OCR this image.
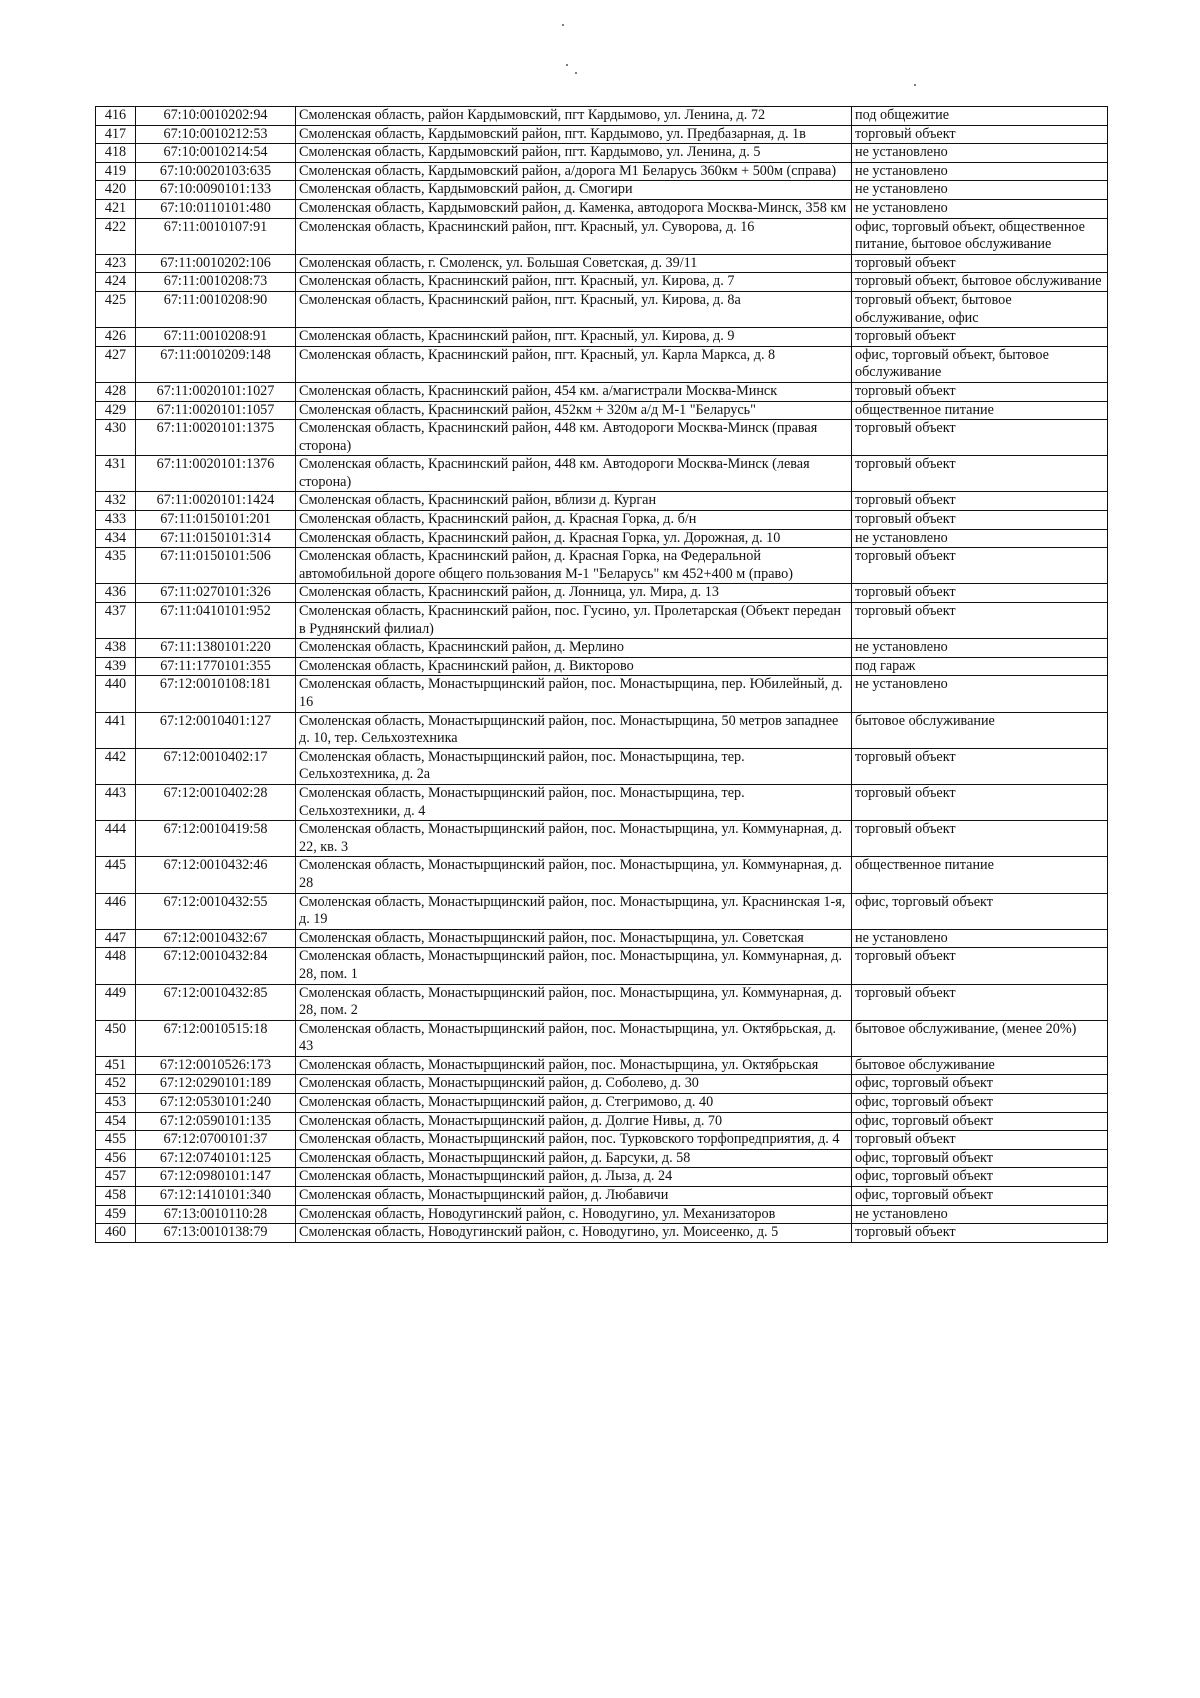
416	67:10:0010202:94	Смоленская область, район Кардымовский, пгт Кардымово, ул. Ленина, д. 72	под общежитие
417	67:10:0010212:53	Смоленская область, Кардымовский район, пгт. Кардымово, ул. Предбазарная, д. 1в	торговый объект
418	67:10:0010214:54	Смоленская область, Кардымовский район, пгт. Кардымово, ул. Ленина, д. 5	не установлено
419	67:10:0020103:635	Смоленская область, Кардымовский район, а/дорога М1 Беларусь 360км + 500м (справа)	не установлено
420	67:10:0090101:133	Смоленская область, Кардымовский район, д. Смогири	не установлено
421	67:10:0110101:480	Смоленская область, Кардымовский район, д. Каменка, автодорога Москва-Минск, 358 км	не установлено
422	67:11:0010107:91	Смоленская область, Краснинский район, пгт. Красный, ул. Суворова, д. 16	офис, торговый объект, общественное питание, бытовое обслуживание
423	67:11:0010202:106	Смоленская область, г. Смоленск, ул. Большая Советская, д. 39/11	торговый объект
424	67:11:0010208:73	Смоленская область, Краснинский район, пгт. Красный, ул. Кирова, д. 7	торговый объект, бытовое обслуживание
425	67:11:0010208:90	Смоленская область, Краснинский район, пгт. Красный, ул. Кирова, д. 8а	торговый объект, бытовое обслуживание, офис
426	67:11:0010208:91	Смоленская область, Краснинский район, пгт. Красный, ул. Кирова, д. 9	торговый объект
427	67:11:0010209:148	Смоленская область, Краснинский район, пгт. Красный, ул. Карла Маркса, д. 8	офис, торговый объект, бытовое обслуживание
428	67:11:0020101:1027	Смоленская область, Краснинский район, 454 км. а/магистрали Москва-Минск	торговый объект
429	67:11:0020101:1057	Смоленская область, Краснинский район, 452км + 320м а/д М-1 "Беларусь"	общественное питание
430	67:11:0020101:1375	Смоленская область, Краснинский район, 448 км. Автодороги Москва-Минск (правая сторона)	торговый объект
431	67:11:0020101:1376	Смоленская область, Краснинский район, 448 км. Автодороги Москва-Минск (левая сторона)	торговый объект
432	67:11:0020101:1424	Смоленская область, Краснинский район, вблизи д. Курган	торговый объект
433	67:11:0150101:201	Смоленская область, Краснинский район, д. Красная Горка, д. б/н	торговый объект
434	67:11:0150101:314	Смоленская область, Краснинский район, д. Красная Горка, ул. Дорожная, д. 10	не установлено
435	67:11:0150101:506	Смоленская область, Краснинский район, д. Красная Горка, на Федеральной автомобильной дороге общего пользования М-1 "Беларусь" км 452+400 м (право)	торговый объект
436	67:11:0270101:326	Смоленская область, Краснинский район, д. Лонница, ул. Мира, д. 13	торговый объект
437	67:11:0410101:952	Смоленская область, Краснинский район, пос. Гусино, ул. Пролетарская (Объект передан в Руднянский филиал)	торговый объект
438	67:11:1380101:220	Смоленская область, Краснинский район, д. Мерлино	не установлено
439	67:11:1770101:355	Смоленская область, Краснинский район, д. Викторово	под гараж
440	67:12:0010108:181	Смоленская область, Монастырщинский район, пос. Монастырщина, пер. Юбилейный, д. 16	не установлено
441	67:12:0010401:127	Смоленская область, Монастырщинский район, пос. Монастырщина, 50 метров западнее д. 10, тер. Сельхозтехника	бытовое обслуживание
442	67:12:0010402:17	Смоленская область, Монастырщинский район, пос. Монастырщина, тер. Сельхозтехника, д. 2а	торговый объект
443	67:12:0010402:28	Смоленская область, Монастырщинский район, пос. Монастырщина, тер. Сельхозтехники, д. 4	торговый объект
444	67:12:0010419:58	Смоленская область, Монастырщинский район, пос. Монастырщина, ул. Коммунарная, д. 22, кв. 3	торговый объект
445	67:12:0010432:46	Смоленская область, Монастырщинский район, пос. Монастырщина, ул. Коммунарная, д. 28	общественное питание
446	67:12:0010432:55	Смоленская область, Монастырщинский район, пос. Монастырщина, ул. Краснинская 1-я, д. 19	офис, торговый объект
447	67:12:0010432:67	Смоленская область, Монастырщинский район, пос. Монастырщина, ул. Советская	не установлено
448	67:12:0010432:84	Смоленская область, Монастырщинский район, пос. Монастырщина, ул. Коммунарная, д. 28, пом. 1	торговый объект
449	67:12:0010432:85	Смоленская область, Монастырщинский район, пос. Монастырщина, ул. Коммунарная, д. 28, пом. 2	торговый объект
450	67:12:0010515:18	Смоленская область, Монастырщинский район, пос. Монастырщина, ул. Октябрьская, д. 43	бытовое обслуживание, (менее 20%)
451	67:12:0010526:173	Смоленская область, Монастырщинский район, пос. Монастырщина, ул. Октябрьская	бытовое обслуживание
452	67:12:0290101:189	Смоленская область, Монастырщинский район, д. Соболево, д. 30	офис, торговый объект
453	67:12:0530101:240	Смоленская область, Монастырщинский район, д. Стегримово, д. 40	офис, торговый объект
454	67:12:0590101:135	Смоленская область, Монастырщинский район, д. Долгие Нивы, д. 70	офис, торговый объект
455	67:12:0700101:37	Смоленская область, Монастырщинский район, пос. Турковского торфопредприятия, д. 4	торговый объект
456	67:12:0740101:125	Смоленская область, Монастырщинский район, д. Барсуки, д. 58	офис, торговый объект
457	67:12:0980101:147	Смоленская область, Монастырщинский район, д. Лыза, д. 24	офис, торговый объект
458	67:12:1410101:340	Смоленская область, Монастырщинский район, д. Любавичи	офис, торговый объект
459	67:13:0010110:28	Смоленская область, Новодугинский район, с. Новодугино, ул. Механизаторов	не установлено
460	67:13:0010138:79	Смоленская область, Новодугинский район, с. Новодугино, ул. Моисеенко, д. 5	торговый объект
